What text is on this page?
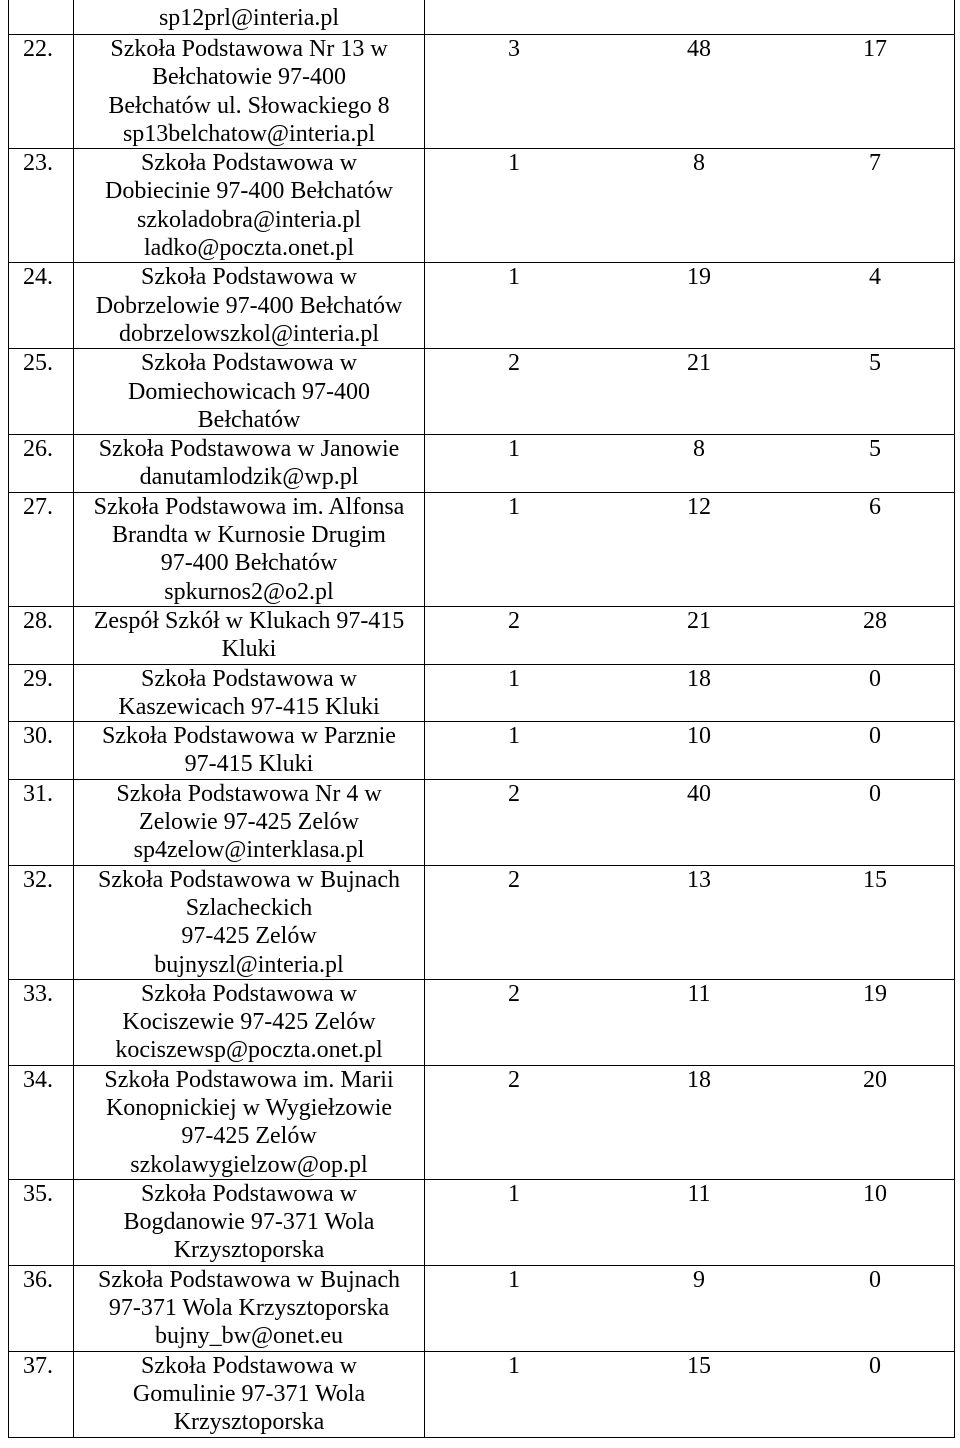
sp12prl@interia.pl
22.	Szkoła Podstawowa Nr 13 w
Bełchatowie 97-400
Bełchatów ul. Słowackiego 8
sp13belchatow@interia.pl
3	48	17
23.	Szkoła Podstawowa w
Dobiecinie 97-400 Bełchatów
szkoladobra@interia.pl
ladko@poczta.onet.pl
1	8	7
24.	Szkoła Podstawowa w
Dobrzelowie 97-400 Bełchatów
dobrzelowszkol@interia.pl
1	19	4
25.	Szkoła Podstawowa w
Domiechowicach 97-400
Bełchatów
2	21	5
26.	Szkoła Podstawowa w Janowie
danutamlodzik@wp.pl
1	8	5
27.	Szkoła Podstawowa im. Alfonsa
Brandta w Kurnosie Drugim
97-400 Bełchatów
spkurnos2@o2.pl
1	12	6
28.	Zespół Szkół w Klukach 97-415
Kluki
2	21	28
29.	Szkoła Podstawowa w
Kaszewicach 97-415 Kluki
1	18	0
30.	Szkoła Podstawowa w Parznie
97-415 Kluki
1	10	0
31.	Szkoła Podstawowa Nr 4 w
Zelowie 97-425 Zelów
sp4zelow@interklasa.pl
2	40	0
32.	Szkoła Podstawowa w Bujnach
Szlacheckich
97-425 Zelów
bujnyszl@interia.pl
2	13	15
33.	Szkoła Podstawowa w
Kociszewie 97-425 Zelów
kociszewsp@poczta.onet.pl
2	11	19
34.	Szkoła Podstawowa im. Marii
Konopnickiej w Wygiełzowie
97-425 Zelów
szkolawygielzow@op.pl
2	18	20
35.	Szkoła Podstawowa w
Bogdanowie 97-371 Wola
Krzysztoporska
1	11	10
36.	Szkoła Podstawowa w Bujnach
97-371 Wola Krzysztoporska
bujny_bw@onet.eu
1	9	0
37.	Szkoła Podstawowa w
Gomulinie 97-371 Wola
Krzysztoporska
1	15	0
